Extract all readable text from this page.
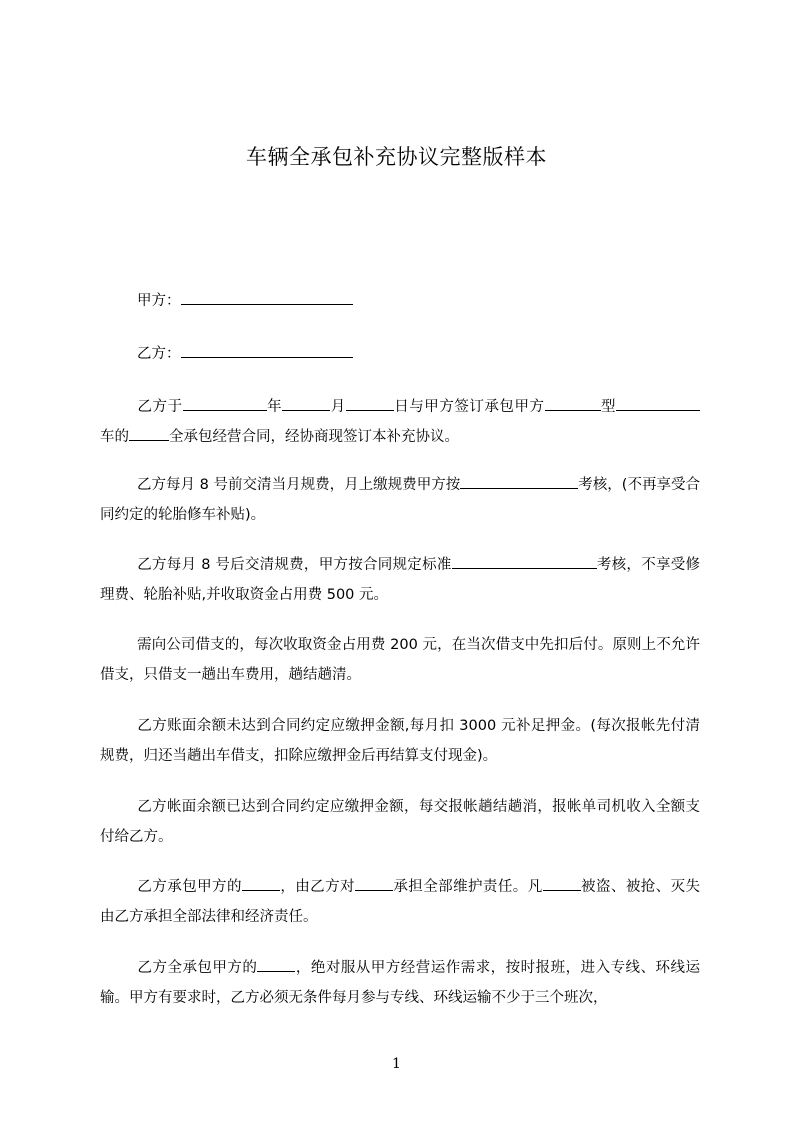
车辆全承包补充协议完整版样本
甲方：
乙方：
乙方于	年	月	日与甲方签订承包甲方	型车的	全承包经营合同，经协商现签订本补充协议。
乙方每月 8 号前交清当月规费，月上缴规费甲方按	考核，(不再享受合同约定的轮胎修车补贴)。
乙方每月 8 号后交清规费，甲方按合同规定标准	考核，不享受修理费、轮胎补贴,并收取资金占用费 500 元。
需向公司借支的，每次收取资金占用费 200 元，在当次借支中先扣后付。原则上不允许借支，只借支一趟出车费用，趟结趟清。
乙方账面余额未达到合同约定应缴押金额,每月扣 3000 元补足押金。(每次报帐先付清规费，归还当趟出车借支，扣除应缴押金后再结算支付现金)。
乙方帐面余额已达到合同约定应缴押金额，每交报帐趟结趟消，报帐单司机收入全额支付给乙方。
乙方承包甲方的	，由乙方对	承担全部维护责任。凡	被盗、被抢、灭失由乙方承担全部法律和经济责任。
乙方全承包甲方的	，绝对服从甲方经营运作需求，按时报班，进入专线、环线运输。甲方有要求时，乙方必须无条件每月参与专线、环线运输不少于三个班次，
1
